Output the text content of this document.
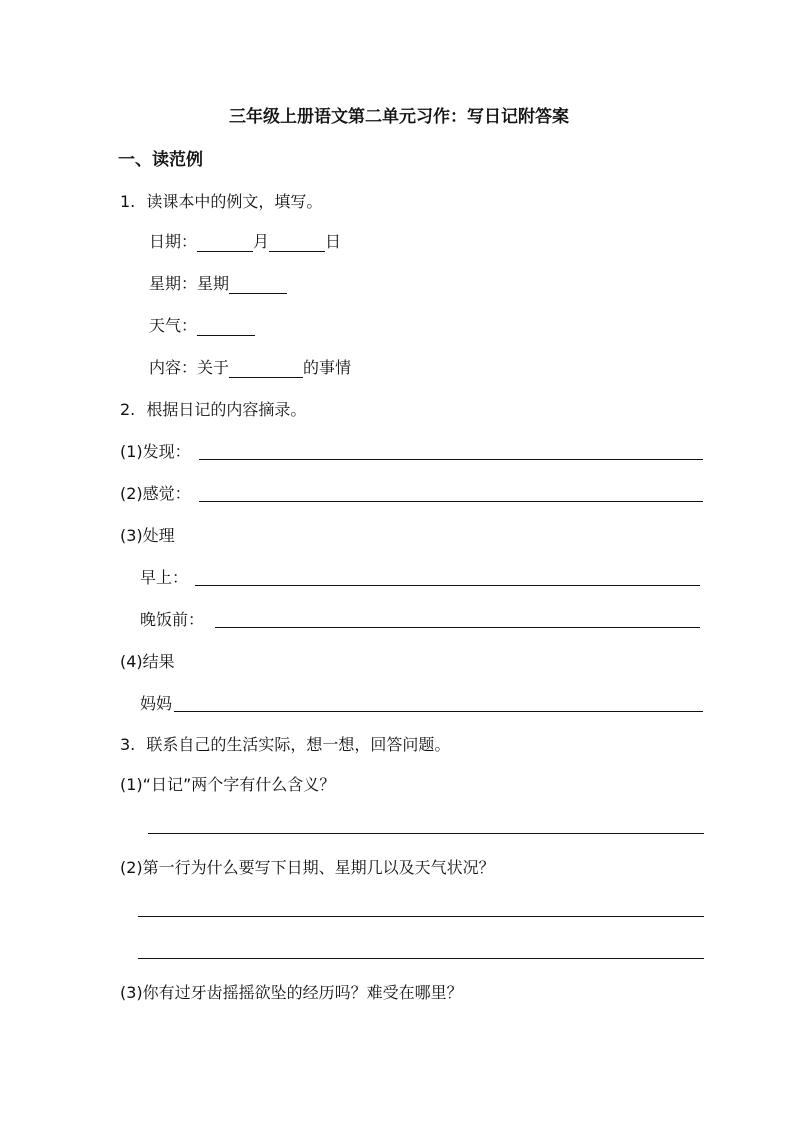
三年级上册语文第二单元习作：写日记附答案
一、读范例
1. 读课本中的例文，填写。
日期：	月	日
星期：星期
天气：
内容：关于	的事情
2. 根据日记的内容摘录。
(1)发现：
(2)感觉：
(3)处理
早上：
晚饭前：
(4)结果
妈妈
3. 联系自己的生活实际，想一想，回答问题。
(1)“日记”两个字有什么含义？
(2)第一行为什么要写下日期、星期几以及天气状况？
(3)你有过牙齿摇摇欲坠的经历吗？难受在哪里？
